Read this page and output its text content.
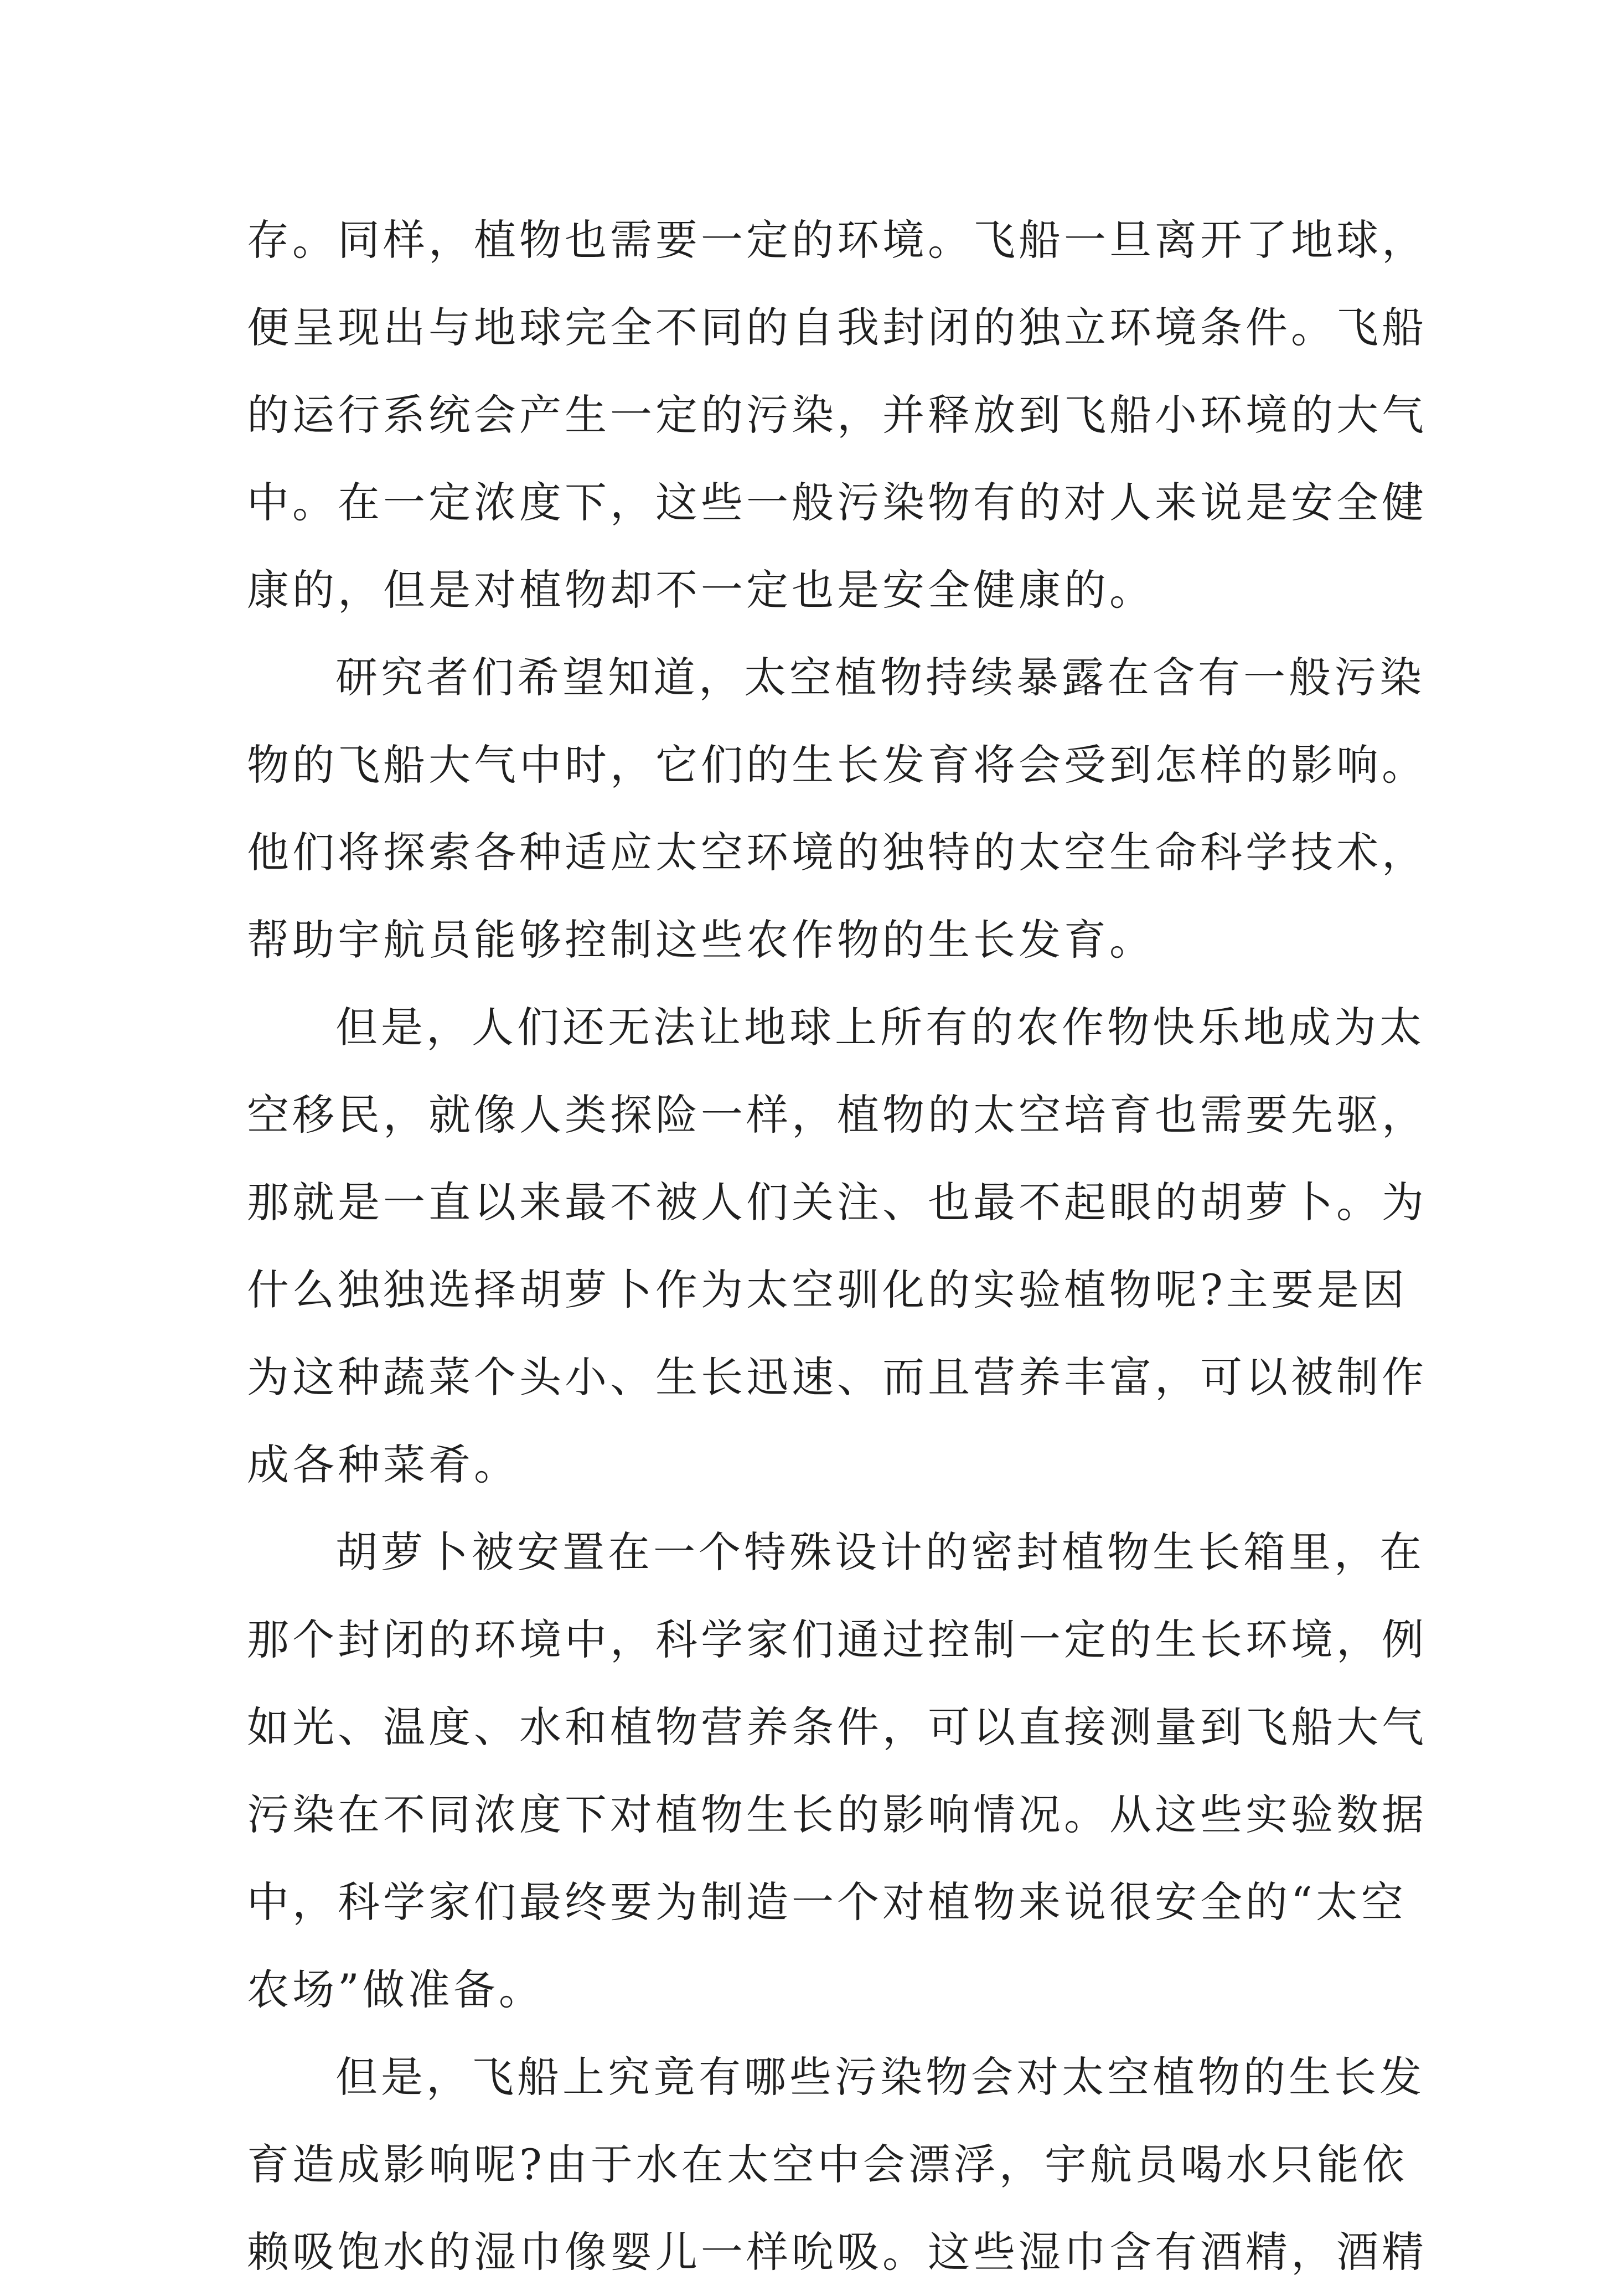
存。同样，植物也需要一定的环境。飞船一旦离开了地球，
便呈现出与地球完全不同的自我封闭的独立环境条件。飞船
的运行系统会产生一定的污染，并释放到飞船小环境的大气
中。在一定浓度下，这些一般污染物有的对人来说是安全健
康的，但是对植物却不一定也是安全健康的。
研究者们希望知道，太空植物持续暴露在含有一般污染
物的飞船大气中时，它们的生长发育将会受到怎样的影响。
他们将探索各种适应太空环境的独特的太空生命科学技术，
帮助宇航员能够控制这些农作物的生长发育。
但是，人们还无法让地球上所有的农作物快乐地成为太
空移民，就像人类探险一样，植物的太空培育也需要先驱，
那就是一直以来最不被人们关注、也最不起眼的胡萝卜。为
什么独独选择胡萝卜作为太空驯化的实验植物呢?主要是因
为这种蔬菜个头小、生长迅速、而且营养丰富，可以被制作
成各种菜肴。
胡萝卜被安置在一个特殊设计的密封植物生长箱里，在
那个封闭的环境中，科学家们通过控制一定的生长环境，例
如光、温度、水和植物营养条件，可以直接测量到飞船大气
污染在不同浓度下对植物生长的影响情况。从这些实验数据
中，科学家们最终要为制造一个对植物来说很安全的“太空
农场”做准备。
但是，飞船上究竟有哪些污染物会对太空植物的生长发
育造成影响呢?由于水在太空中会漂浮，宇航员喝水只能依
赖吸饱水的湿巾像婴儿一样吮吸。这些湿巾含有酒精，酒精
